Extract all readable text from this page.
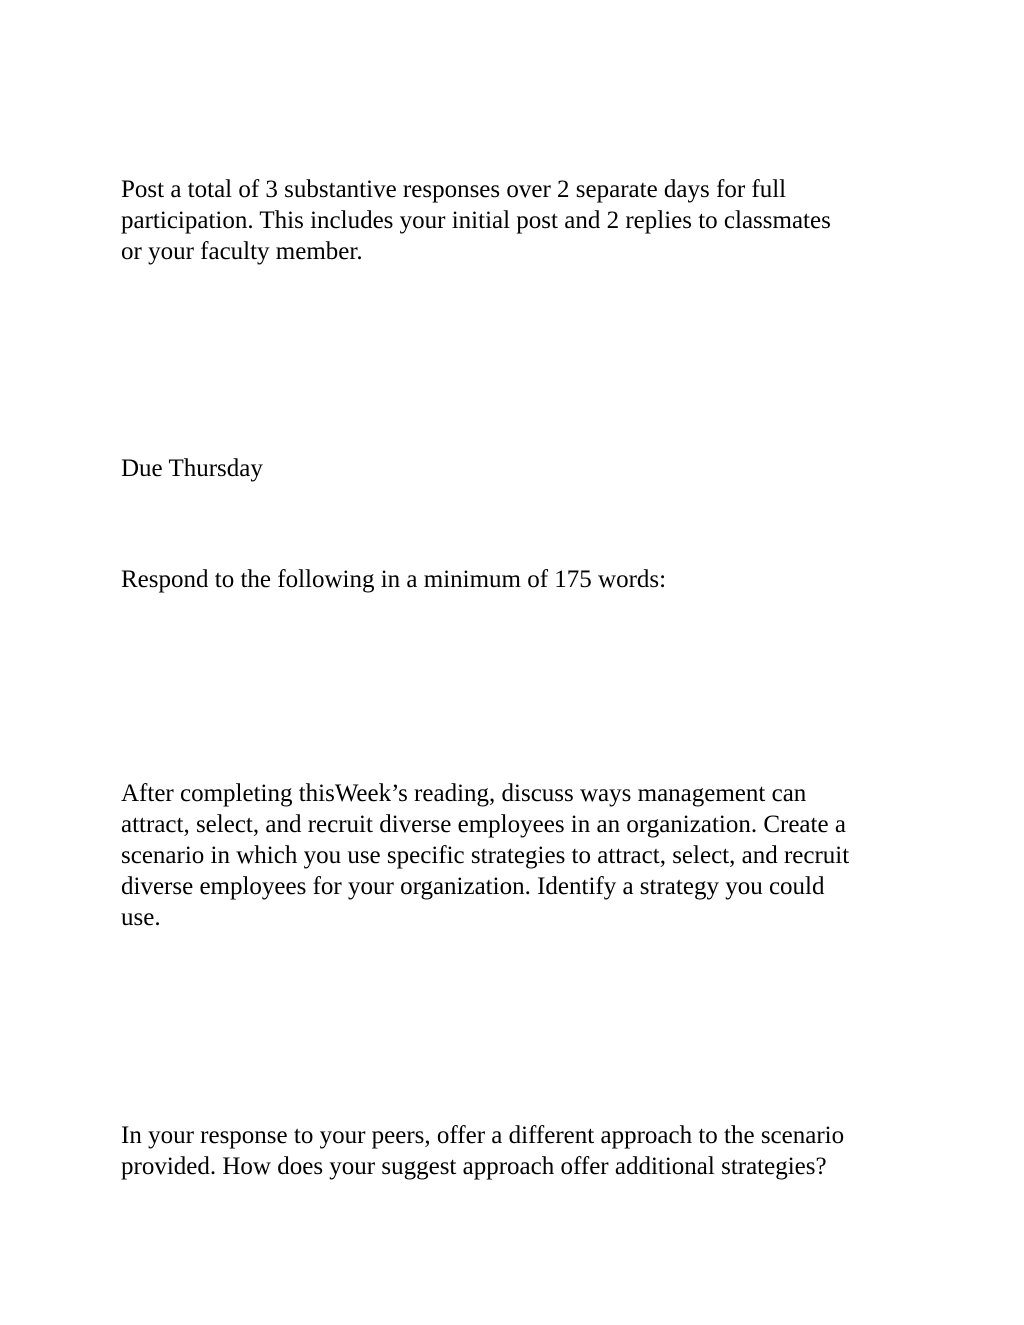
Post a total of 3 substantive responses over 2 separate days for full
participation. This includes your initial post and 2 replies to classmates
or your faculty member.

Due Thursday

Respond to the following in a minimum of 175 words:

After completing thisWeek’s reading, discuss ways management can
attract, select, and recruit diverse employees in an organization. Create a
scenario in which you use specific strategies to attract, select, and recruit
diverse employees for your organization. Identify a strategy you could
use.

In your response to your peers, offer a different approach to the scenario
provided. How does your suggest approach offer additional strategies?
